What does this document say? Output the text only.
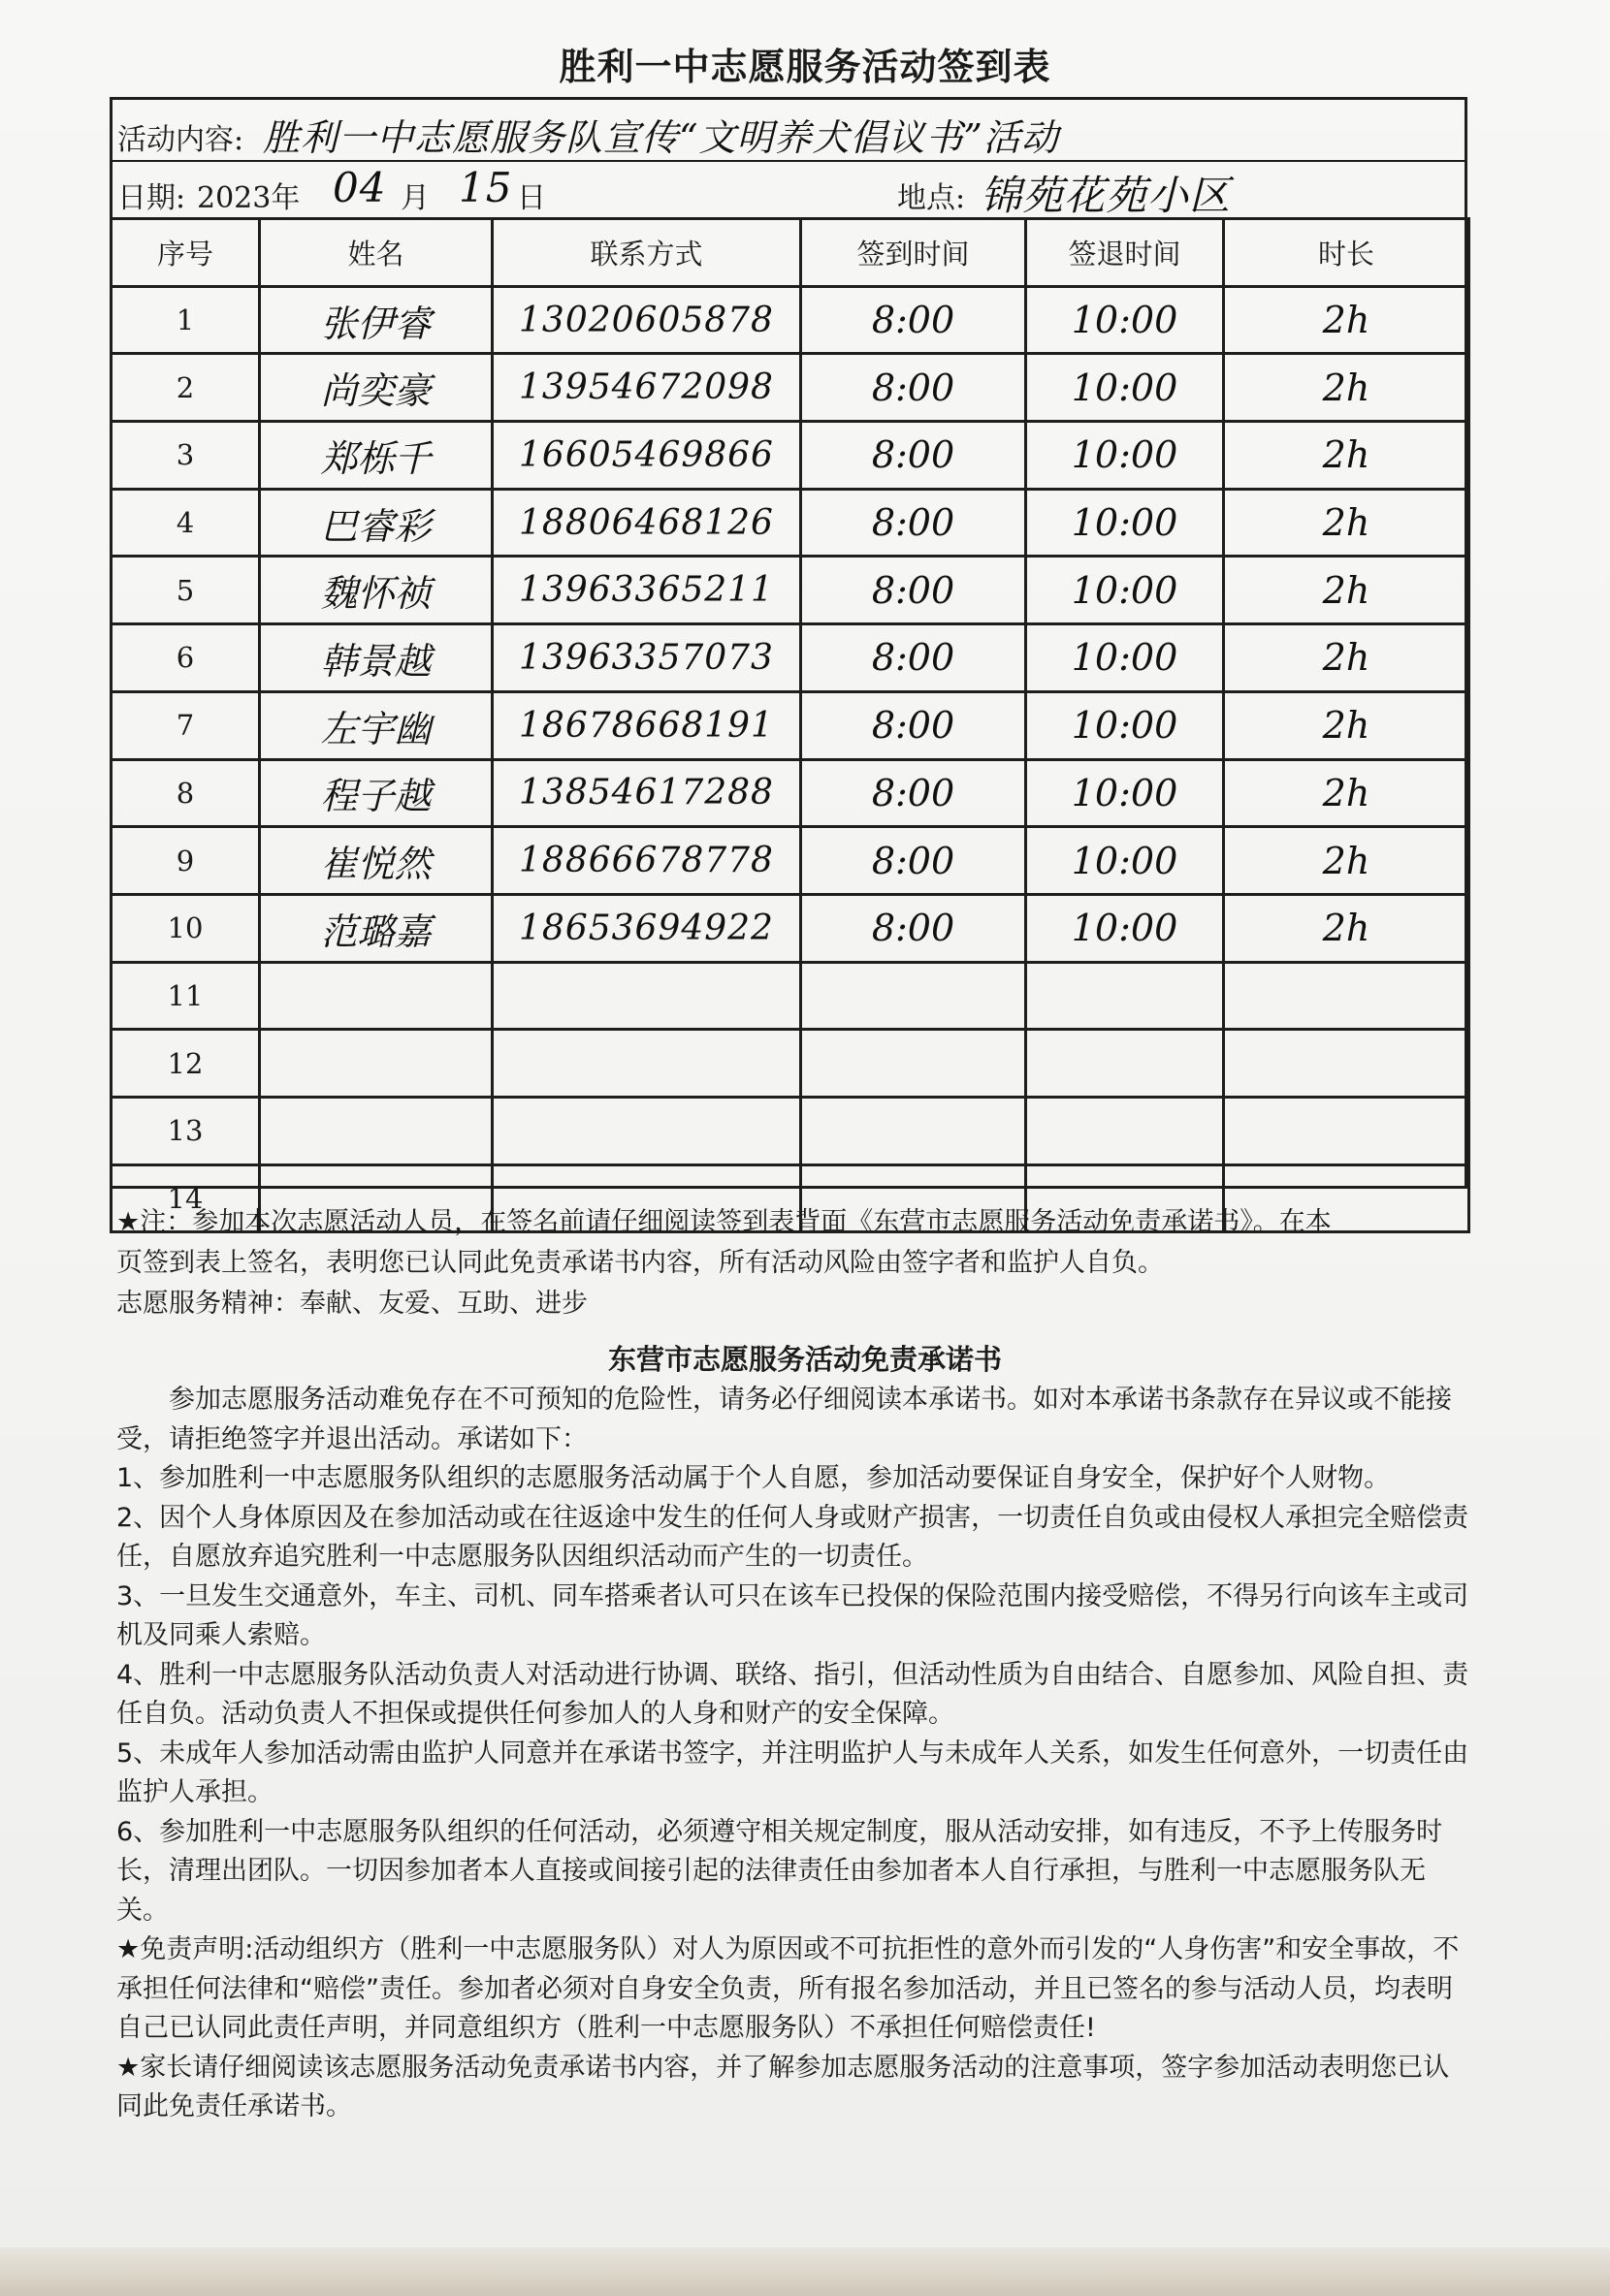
胜利一中志愿服务活动签到表
活动内容: 胜利一中志愿服务队宣传“文明养犬倡议书”活动
日期: 2023年 04 月 15 日	地点: 锦苑花苑小区
序号	姓名	联系方式	签到时间	签退时间	时长
1	张伊睿	13020605878	8:00	10:00	2h
2	尚奕豪	13954672098	8:00	10:00	2h
3	郑栎千	16605469866	8:00	10:00	2h
4	巴睿彩	18806468126	8:00	10:00	2h
5	魏怀祯	13963365211	8:00	10:00	2h
6	韩景越	13963357073	8:00	10:00	2h
7	左宇幽	18678668191	8:00	10:00	2h
8	程子越	13854617288	8:00	10:00	2h
9	崔悦然	18866678778	8:00	10:00	2h
10	范璐嘉	18653694922	8:00	10:00	2h
11					
12					
13					
14					

★注：参加本次志愿活动人员，在签名前请仔细阅读签到表背面《东营市志愿服务活动免责承诺书》。在本

页签到表上签名，表明您已认同此免责承诺书内容，所有活动风险由签字者和监护人自负。

志愿服务精神：奉献、友爱、互助、进步

东营市志愿服务活动免责承诺书

参加志愿服务活动难免存在不可预知的危险性，请务必仔细阅读本承诺书。如对本承诺书条款存在异议或不能接受，请拒绝签字并退出活动。承诺如下：

1、参加胜利一中志愿服务队组织的志愿服务活动属于个人自愿，参加活动要保证自身安全，保护好个人财物。

2、因个人身体原因及在参加活动或在往返途中发生的任何人身或财产损害，一切责任自负或由侵权人承担完全赔偿责任，自愿放弃追究胜利一中志愿服务队因组织活动而产生的一切责任。

3、一旦发生交通意外，车主、司机、同车搭乘者认可只在该车已投保的保险范围内接受赔偿，不得另行向该车主或司机及同乘人索赔。

4、胜利一中志愿服务队活动负责人对活动进行协调、联络、指引，但活动性质为自由结合、自愿参加、风险自担、责任自负。活动负责人不担保或提供任何参加人的人身和财产的安全保障。

5、未成年人参加活动需由监护人同意并在承诺书签字，并注明监护人与未成年人关系，如发生任何意外，一切责任由监护人承担。

6、参加胜利一中志愿服务队组织的任何活动，必须遵守相关规定制度，服从活动安排，如有违反，不予上传服务时长，清理出团队。一切因参加者本人直接或间接引起的法律责任由参加者本人自行承担，与胜利一中志愿服务队无关。

★免责声明:活动组织方（胜利一中志愿服务队）对人为原因或不可抗拒性的意外而引发的“人身伤害”和安全事故，不承担任何法律和“赔偿”责任。参加者必须对自身安全负责，所有报名参加活动，并且已签名的参与活动人员，均表明自己已认同此责任声明，并同意组织方（胜利一中志愿服务队）不承担任何赔偿责任!

★家长请仔细阅读该志愿服务活动免责承诺书内容，并了解参加志愿服务活动的注意事项，签字参加活动表明您已认同此免责任承诺书。
